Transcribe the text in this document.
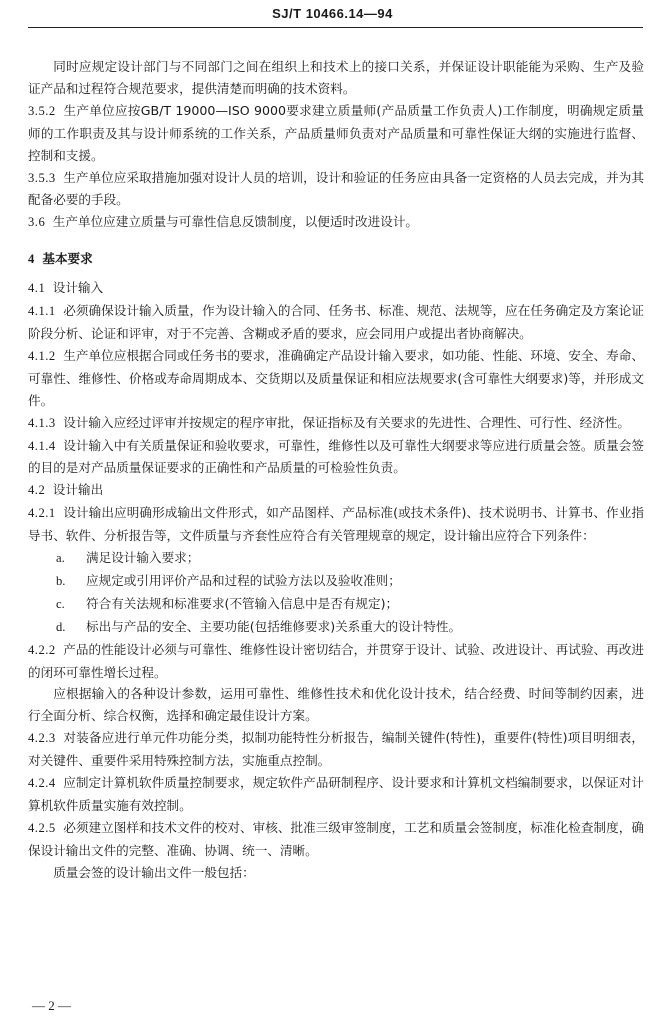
SJ/T 10466.14—94

同时应规定设计部门与不同部门之间在组织上和技术上的接口关系，并保证设计职能能为采购、生产及验证产品和过程符合规范要求，提供清楚而明确的技术资料。

3.5.2 生产单位应按GB/T 19000—ISO 9000要求建立质量师(产品质量工作负责人)工作制度，明确规定质量师的工作职责及其与设计师系统的工作关系，产品质量师负责对产品质量和可靠性保证大纲的实施进行监督、控制和支援。

3.5.3 生产单位应采取措施加强对设计人员的培训，设计和验证的任务应由具备一定资格的人员去完成，并为其配备必要的手段。

3.6 生产单位应建立质量与可靠性信息反馈制度，以便适时改进设计。

4 基本要求

4.1 设计输入

4.1.1 必须确保设计输入质量，作为设计输入的合同、任务书、标准、规范、法规等，应在任务确定及方案论证阶段分析、论证和评审，对于不完善、含糊或矛盾的要求，应会同用户或提出者协商解决。

4.1.2 生产单位应根据合同或任务书的要求，准确确定产品设计输入要求，如功能、性能、环境、安全、寿命、可靠性、维修性、价格或寿命周期成本、交货期以及质量保证和相应法规要求(含可靠性大纲要求)等，并形成文件。

4.1.3 设计输入应经过评审并按规定的程序审批，保证指标及有关要求的先进性、合理性、可行性、经济性。

4.1.4 设计输入中有关质量保证和验收要求，可靠性，维修性以及可靠性大纲要求等应进行质量会签。质量会签的目的是对产品质量保证要求的正确性和产品质量的可检验性负责。

4.2 设计输出

4.2.1 设计输出应明确形成输出文件形式，如产品图样、产品标准(或技术条件)、技术说明书、计算书、作业指导书、软件、分析报告等，文件质量与齐套性应符合有关管理规章的规定，设计输出应符合下列条件：

a. 满足设计输入要求；

b. 应规定或引用评价产品和过程的试验方法以及验收准则；

c. 符合有关法规和标准要求(不管输入信息中是否有规定)；

d. 标出与产品的安全、主要功能(包括维修要求)关系重大的设计特性。

4.2.2 产品的性能设计必须与可靠性、维修性设计密切结合，并贯穿于设计、试验、改进设计、再试验、再改进的闭环可靠性增长过程。

应根据输入的各种设计参数，运用可靠性、维修性技术和优化设计技术，结合经费、时间等制约因素，进行全面分析、综合权衡，选择和确定最佳设计方案。

4.2.3 对装备应进行单元件功能分类，拟制功能特性分析报告，编制关键件(特性)，重要件(特性)项目明细表，对关键件、重要件采用特殊控制方法，实施重点控制。

4.2.4 应制定计算机软件质量控制要求，规定软件产品研制程序、设计要求和计算机文档编制要求，以保证对计算机软件质量实施有效控制。

4.2.5 必须建立图样和技术文件的校对、审核、批准三级审签制度，工艺和质量会签制度，标准化检查制度，确保设计输出文件的完整、准确、协调、统一、清晰。

质量会签的设计输出文件一般包括：

— 2 —
